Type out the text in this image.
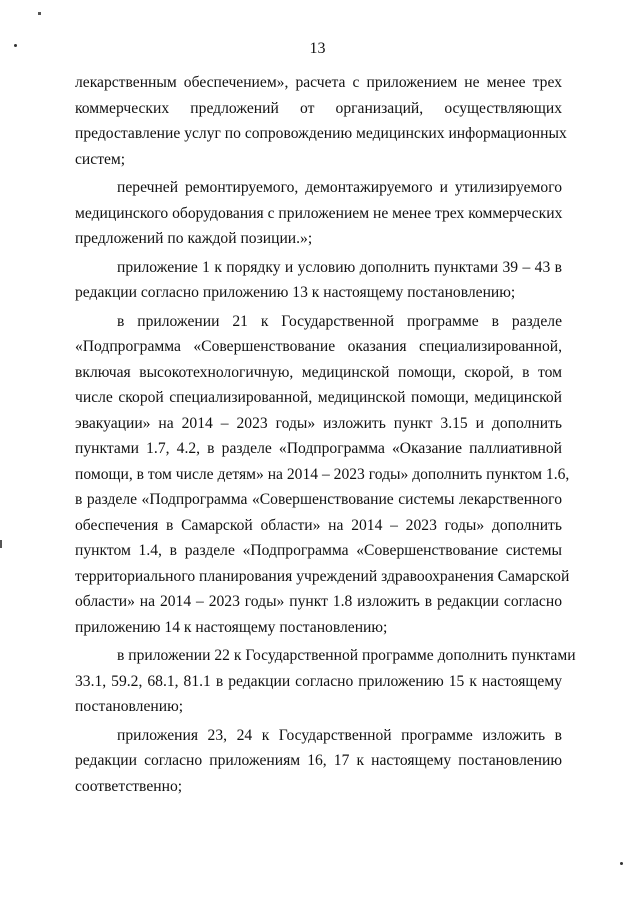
13
лекарственным обеспечением», расчета с приложением не менее трех
коммерческих предложений от организаций, осуществляющих
предоставление услуг по сопровождению медицинских информационных
систем;
перечней ремонтируемого, демонтажируемого и утилизируемого
медицинского оборудования с приложением не менее трех коммерческих
предложений по каждой позиции.»;
приложение 1 к порядку и условию дополнить пунктами 39 – 43 в
редакции согласно приложению 13 к настоящему постановлению;
в приложении 21 к Государственной программе в разделе
«Подпрограмма «Совершенствование оказания специализированной,
включая высокотехнологичную, медицинской помощи, скорой, в том
числе скорой специализированной, медицинской помощи, медицинской
эвакуации» на 2014 – 2023 годы» изложить пункт 3.15 и дополнить
пунктами 1.7, 4.2, в разделе «Подпрограмма «Оказание паллиативной
помощи, в том числе детям» на 2014 – 2023 годы» дополнить пунктом 1.6,
в разделе «Подпрограмма «Совершенствование системы лекарственного
обеспечения в Самарской области» на 2014 – 2023 годы» дополнить
пунктом 1.4, в разделе «Подпрограмма «Совершенствование системы
территориального планирования учреждений здравоохранения Самарской
области» на 2014 – 2023 годы» пункт 1.8 изложить в редакции согласно
приложению 14 к настоящему постановлению;
в приложении 22 к Государственной программе дополнить пунктами
33.1, 59.2, 68.1, 81.1 в редакции согласно приложению 15 к настоящему
постановлению;
приложения 23, 24 к Государственной программе изложить в
редакции согласно приложениям 16, 17 к настоящему постановлению
соответственно;
